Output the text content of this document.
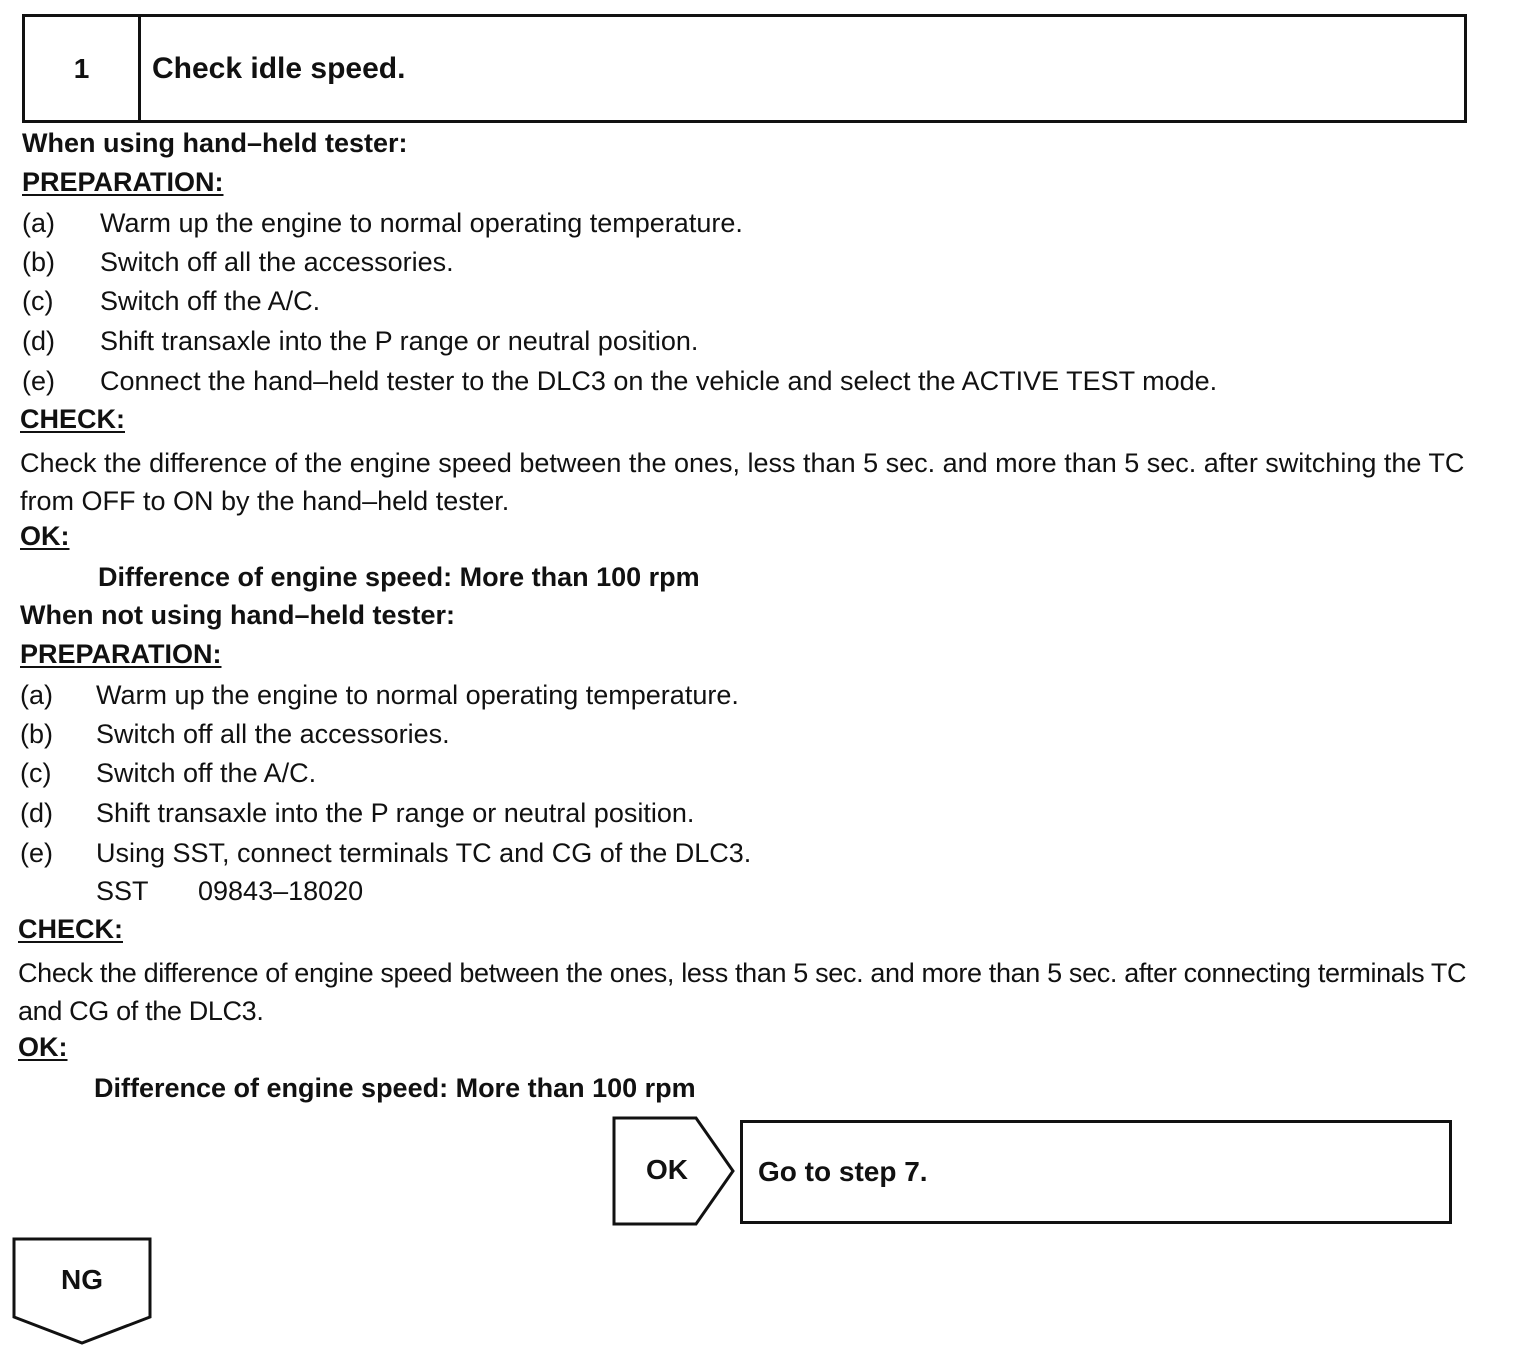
1	Check idle speed.
When using hand–held tester:
PREPARATION:
(a)	Warm up the engine to normal operating temperature.
(b)	Switch off all the accessories.
(c)	Switch off the A/C.
(d)	Shift transaxle into the P range or neutral position.
(e)	Connect the hand–held tester to the DLC3 on the vehicle and select the ACTIVE TEST mode.
CHECK:
Check the difference of the engine speed between the ones, less than 5 sec. and more than 5 sec. after switching the TC from OFF to ON by the hand–held tester.
OK:
Difference of engine speed: More than 100 rpm
When not using hand–held tester:
PREPARATION:
(a)	Warm up the engine to normal operating temperature.
(b)	Switch off all the accessories.
(c)	Switch off the A/C.
(d)	Shift transaxle into the P range or neutral position.
(e)	Using SST, connect terminals TC and CG of the DLC3.
SST 09843–18020
CHECK:
Check the difference of engine speed between the ones, less than 5 sec. and more than 5 sec. after connecting terminals TC and CG of the DLC3.
OK:
Difference of engine speed: More than 100 rpm
OK	Go to step 7.
NG
